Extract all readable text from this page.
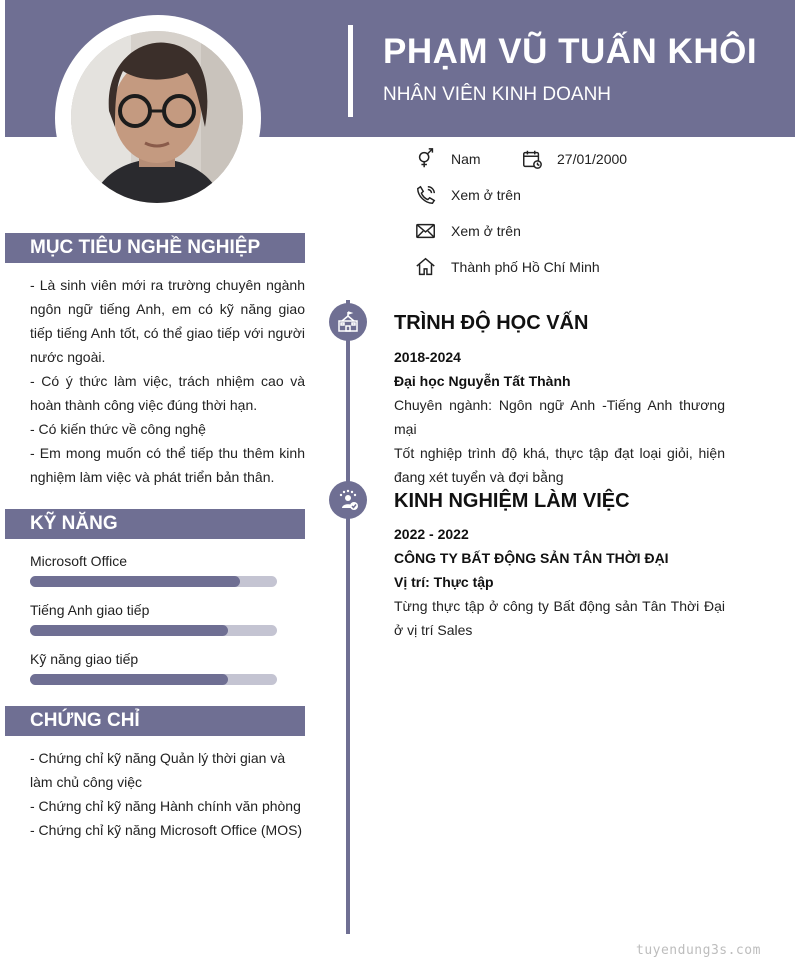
PHẠM VŨ TUẤN KHÔI
NHÂN VIÊN KINH DOANH
Nam	27/01/2000
Xem ở trên
Xem ở trên
Thành phố Hồ Chí Minh
MỤC TIÊU NGHỀ NGHIỆP

- Là sinh viên mới ra trường chuyên ngành ngôn ngữ tiếng Anh, em có kỹ năng giao tiếp tiếng Anh tốt, có thể giao tiếp với người nước ngoài.

- Có ý thức làm việc, trách nhiệm cao và hoàn thành công việc đúng thời hạn.

- Có kiến thức về công nghệ

- Em mong muốn có thể tiếp thu thêm kinh nghiệm làm việc và phát triển bản thân.

KỸ NĂNG
Microsoft Office
Tiếng Anh giao tiếp
Kỹ năng giao tiếp
CHỨNG CHỈ

- Chứng chỉ kỹ năng Quản lý thời gian và làm chủ công việc

- Chứng chỉ kỹ năng Hành chính văn phòng

- Chứng chỉ kỹ năng Microsoft Office (MOS)

TRÌNH ĐỘ HỌC VẤN
2018-2024
Đại học Nguyễn Tất Thành
Chuyên ngành: Ngôn ngữ Anh -Tiếng Anh thương mại
Tốt nghiệp trình độ khá, thực tập đạt loại giỏi, hiện đang xét tuyển và đợi bằng
KINH NGHIỆM LÀM VIỆC
2022 - 2022
CÔNG TY BẤT ĐỘNG SẢN TÂN THỜI ĐẠI
Vị trí: Thực tập
Từng thực tập ở công ty Bất động sản Tân Thời Đại ở vị trí Sales
tuyendung3s.com
